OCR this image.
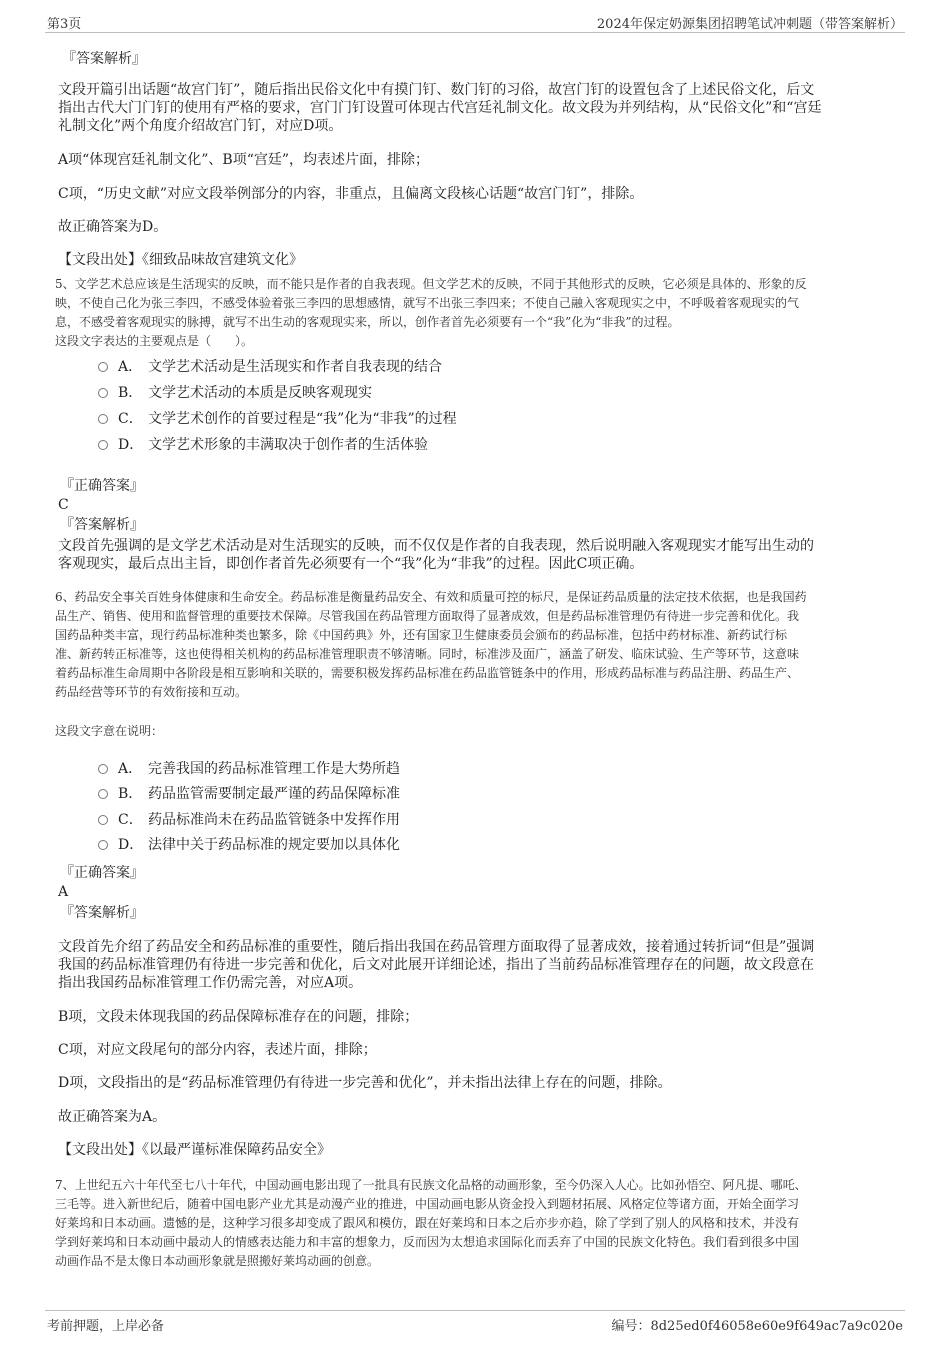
第3页	2024年保定奶源集团招聘笔试冲刺题（带答案解析）
『答案解析』
文段开篇引出话题“故宫门钉”，随后指出民俗文化中有摸门钉、数门钉的习俗，故宫门钉的设置包含了上述民俗文化，后文
指出古代大门门钉的使用有严格的要求，宫门门钉设置可体现古代宫廷礼制文化。故文段为并列结构，从“民俗文化”和“宫廷
礼制文化”两个角度介绍故宫门钉，对应D项。
A项“体现宫廷礼制文化”、B项“宫廷”，均表述片面，排除；
C项，“历史文献”对应文段举例部分的内容，非重点，且偏离文段核心话题“故宫门钉”，排除。
故正确答案为D。
【文段出处】《细致品味故宫建筑文化》
5、文学艺术总应该是生活现实的反映，而不能只是作者的自我表现。但文学艺术的反映，不同于其他形式的反映，它必须是具体的、形象的反
映，不使自己化为张三李四，不感受体验着张三李四的思想感情，就写不出张三李四来；不使自己融入客观现实之中，不呼吸着客观现实的气
息，不感受着客观现实的脉搏，就写不出生动的客观现实来，所以，创作者首先必须要有一个“我”化为“非我”的过程。
这段文字表达的主要观点是（　　）。
A． 文学艺术活动是生活现实和作者自我表现的结合
B． 文学艺术活动的本质是反映客观现实
C． 文学艺术创作的首要过程是“我”化为“非我”的过程
D． 文学艺术形象的丰满取决于创作者的生活体验
『正确答案』
C
『答案解析』
文段首先强调的是文学艺术活动是对生活现实的反映，而不仅仅是作者的自我表现，然后说明融入客观现实才能写出生动的
客观现实，最后点出主旨，即创作者首先必须要有一个“我”化为“非我”的过程。因此C项正确。
6、药品安全事关百姓身体健康和生命安全。药品标准是衡量药品安全、有效和质量可控的标尺，是保证药品质量的法定技术依据，也是我国药
品生产、销售、使用和监督管理的重要技术保障。尽管我国在药品管理方面取得了显著成效，但是药品标准管理仍有待进一步完善和优化。我
国药品种类丰富，现行药品标准种类也繁多，除《中国药典》外，还有国家卫生健康委员会颁布的药品标准，包括中药材标准、新药试行标
准、新药转正标准等，这也使得相关机构的药品标准管理职责不够清晰。同时，标准涉及面广，涵盖了研发、临床试验、生产等环节，这意味
着药品标准生命周期中各阶段是相互影响和关联的，需要积极发挥药品标准在药品监管链条中的作用，形成药品标准与药品注册、药品生产、
药品经营等环节的有效衔接和互动。
这段文字意在说明：
A． 完善我国的药品标准管理工作是大势所趋
B． 药品监管需要制定最严谨的药品保障标准
C． 药品标准尚未在药品监管链条中发挥作用
D． 法律中关于药品标准的规定要加以具体化
『正确答案』
A
『答案解析』
文段首先介绍了药品安全和药品标准的重要性，随后指出我国在药品管理方面取得了显著成效，接着通过转折词“但是”强调
我国的药品标准管理仍有待进一步完善和优化，后文对此展开详细论述，指出了当前药品标准管理存在的问题，故文段意在
指出我国药品标准管理工作仍需完善，对应A项。
B项，文段未体现我国的药品保障标准存在的问题，排除；
C项，对应文段尾句的部分内容，表述片面，排除；
D项，文段指出的是“药品标准管理仍有待进一步完善和优化”，并未指出法律上存在的问题，排除。
故正确答案为A。
【文段出处】《以最严谨标准保障药品安全》
7、上世纪五六十年代至七八十年代，中国动画电影出现了一批具有民族文化品格的动画形象，至今仍深入人心。比如孙悟空、阿凡提、哪吒、
三毛等。进入新世纪后，随着中国电影产业尤其是动漫产业的推进，中国动画电影从资金投入到题材拓展、风格定位等诸方面，开始全面学习
好莱坞和日本动画。遗憾的是，这种学习很多却变成了跟风和模仿，跟在好莱坞和日本之后亦步亦趋，除了学到了别人的风格和技术，并没有
学到好莱坞和日本动画中最动人的情感表达能力和丰富的想象力，反而因为太想追求国际化而丢弃了中国的民族文化特色。我们看到很多中国
动画作品不是太像日本动画形象就是照搬好莱坞动画的创意。
考前押题，上岸必备	编号：8d25ed0f46058e60e9f649ac7a9c020e
